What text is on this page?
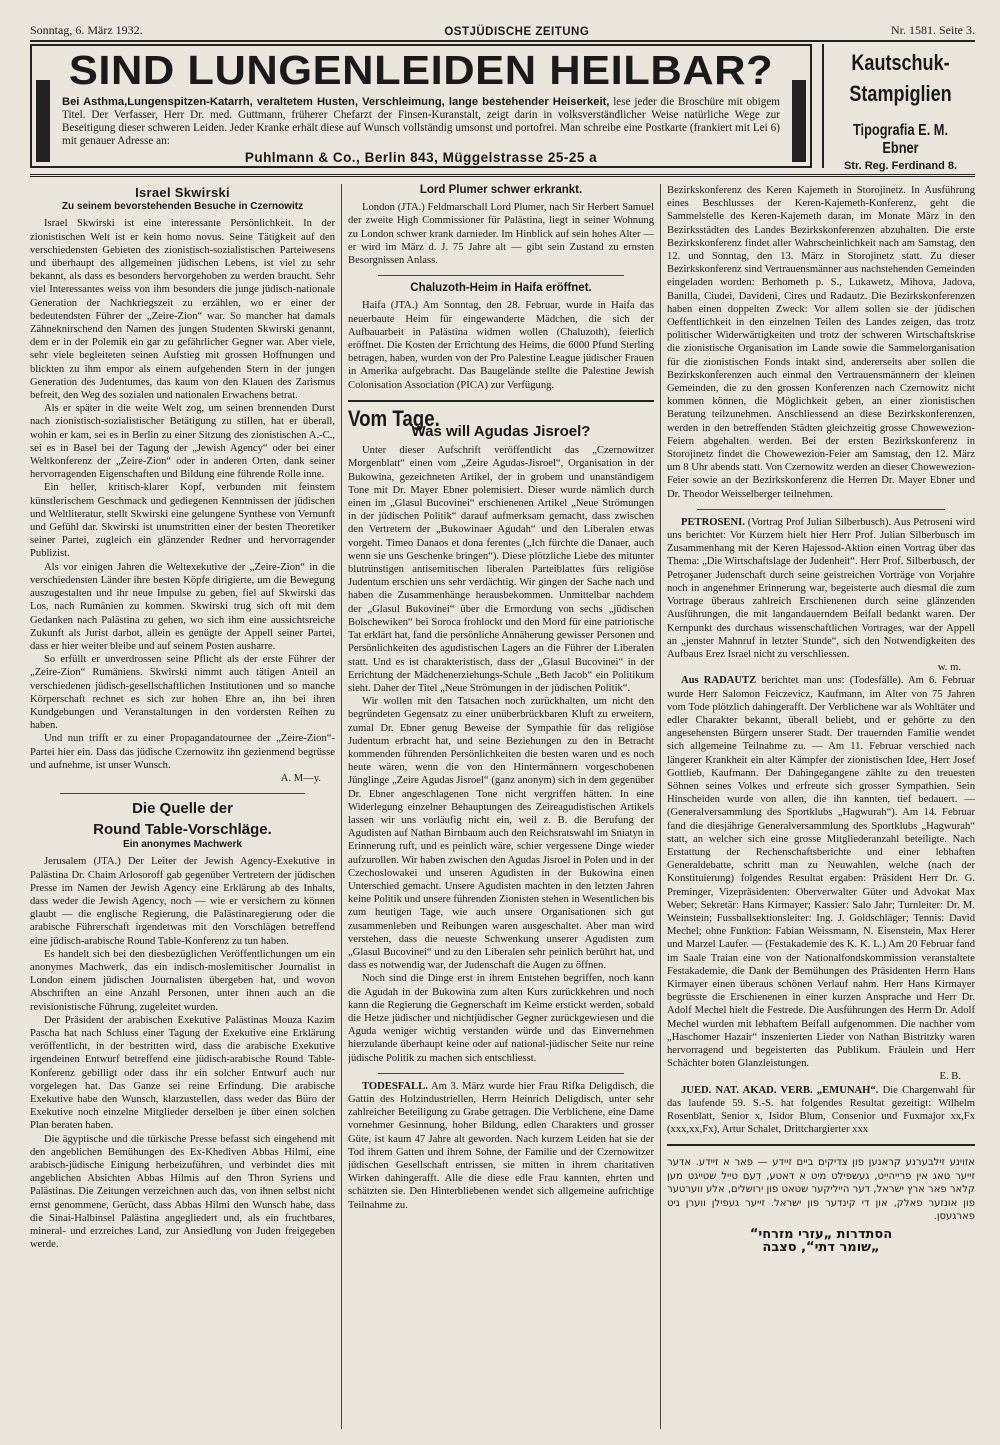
Sonntag, 6. März 1932.	OSTJÜDISCHE ZEITUNG	Nr. 1581. Seite 3.
SIND LUNGENLEIDEN HEILBAR?
Bei Asthma,Lungenspitzen-Katarrh, veraltetem Husten, Verschleimung, lange bestehender Heiserkeit, lese jeder die Broschüre mit obigem Titel. Der Verfasser, Herr Dr. med. Guttmann, früherer Chefarzt der Finsen-Kuranstalt, zeigt darin in volksverständlicher Weise natürliche Wege zur Beseitigung dieser schweren Leiden. Jeder Kranke erhält diese auf Wunsch vollständig umsonst und portofrei. Man schreibe eine Postkarte (frankiert mit Lei 6) mit genauer Adresse an:
Puhlmann & Co., Berlin 843, Müggelstrasse 25-25 a
Kautschuk-
Stampiglien
Tipografia E. M. Ebner
Str. Reg. Ferdinand 8.
Israel Skwirski
Zu seinem bevorstehenden Besuche in Czernowitz

Israel Skwirski ist eine interessante Persönlichkeit. In der zionistischen Welt ist er kein homo novus. Seine Tätigkeit auf den verschiedensten Gebieten des zionistisch-sozialistischen Parteiwesens und überhaupt des allgemeinen jüdischen Lebens, ist viel zu sehr bekannt, als dass es besonders hervorgehoben zu werden braucht. Sehr viel Interessantes weiss von ihm besonders die junge jüdisch-nationale Generation der Nachkriegszeit zu erzählen, wo er einer der bedeutendsten Führer der „Zeire-Zion“ war. So mancher hat damals Zähneknirschend den Namen des jungen Studenten Skwirski genannt, dem er in der Polemik ein gar zu gefährlicher Gegner war. Aber viele, sehr viele begleiteten seinen Aufstieg mit grossen Hoffnungen und blickten zu ihm empor als einem aufgehenden Stern in der jungen Generation des Judentumes, das kaum von den Klauen des Zarismus befreit, den Weg des sozialen und nationalen Erwachens betrat.

Als er später in die weite Welt zog, um seinen brennenden Durst nach zionistisch-sozialistischer Betätigung zu stillen, hat er überall, wohin er kam, sei es in Berlin zu einer Sitzung des zionistischen A.-C., sei es in Basel bei der Tagung der „Jewish Agency“ oder bei einer Weltkonferenz der „Zeire-Zion“ oder in anderen Orten, dank seiner hervorragenden Eigenschaften und Bildung eine führende Rolle inne.

Ein heller, kritisch-klarer Kopf, verbunden mit feinstem künstlerischem Geschmack und gediegenen Kenntnissen der jüdischen und Weltliteratur, stellt Skwirski eine gelungene Synthese von Vernunft und Gefühl dar. Skwirski ist unumstritten einer der besten Theoretiker seiner Partei, zugleich ein glänzender Redner und hervorragender Publizist.

Als vor einigen Jahren die Weltexekutive der „Zeire-Zion“ in die verschiedensten Länder ihre besten Köpfe dirigierte, um die Bewegung auszugestalten und ihr neue Impulse zu geben, fiel auf Skwirski das Los, nach Rumänien zu kommen. Skwirski trug sich oft mit dem Gedanken nach Palästina zu gehen, wo sich ihm eine aussichtsreiche Zukunft als Jurist darbot, allein es genügte der Appell seiner Partei, dass er hier weiter bleibe und auf seinem Posten ausharre.

So erfüllt er unverdrossen seine Pflicht als der erste Führer der „Zeire-Zion“ Rumäniens. Skwirski nimmt auch tätigen Anteil an verschiedenen jüdisch-gesellschaftlichen Institutionen und so manche Körperschaft rechnet es sich zur hohen Ehre an, ihn bei ihren Kundgebungen und Veranstaltungen in den vordersten Reihen zu haben.

Und nun trifft er zu einer Propagandatournee der „Zeire-Zion“-Partei hier ein. Dass das jüdische Czernowitz ihn gezienmend begrüsse und aufnehme, ist unser Wunsch.

A. M—y.
Die Quelle der
Round Table-Vorschläge.
Ein anonymes Machwerk

Jerusalem (JTA.) Der Leiter der Jewish Agency-Exekutive in Palästina Dr. Chaim Arlosoroff gab gegenüber Vertretern der jüdischen Presse im Namen der Jewish Agency eine Erklärung ab des Inhalts, dass weder die Jewish Agency, noch — wie er versichern zu können glaubt — die englische Regierung, die Palästinaregierung oder die arabische Führerschaft irgendetwas mit den Vorschlägen betreffend eine jüdisch-arabische Round Table-Konferenz zu tun haben.

Es handelt sich bei den diesbezüglichen Veröffentlichungen um ein anonymes Machwerk, das ein indisch-moslemitischer Journalist in London einem jüdischen Journalisten übergeben hat, und wovon Abschriften an eine Anzahl Personen, unter ihnen auch an die revisionistische Führung, zugeleitet wurden.

Der Präsident der arabischen Exekutive Palästinas Mouza Kazim Pascha hat nach Schluss einer Tagung der Exekutive eine Erklärung veröffentlicht, in der bestritten wird, dass die arabische Exekutive irgendeinen Entwurf betreffend eine jüdisch-arabische Round Table-Konferenz gebilligt oder dass ihr ein solcher Entwurf auch nur vorgelegen hat. Das Ganze sei reine Erfindung. Die arabische Exekutive habe den Wunsch, klarzustellen, dass weder das Büro der Exekutive noch einzelne Mitglieder derselben je über einen solchen Plan beraten haben.

Die ägyptische und die türkische Presse befasst sich eingehend mit den angeblichen Bemühungen des Ex-Khediven Abbas Hilmi, eine arabisch-jüdische Einigung herbeizuführen, und verbindet dies mit angeblichen Absichten Abbas Hilmis auf den Thron Syriens und Palästinas. Die Zeitungen verzeichnen auch das, von ihnen selbst nicht ernst genommene, Gerücht, dass Abbas Hilmi den Wunsch habe, dass die Sinai-Halbinsel Palästina angegliedert und, als ein fruchtbares, mineral- und erzreiches Land, zur Ansiedlung von Juden freigegeben werde.

Lord Plumer schwer erkrankt.

London (JTA.) Feldmarschall Lord Plumer, nach Sir Herbert Samuel der zweite High Commissioner für Palästina, liegt in seiner Wohnung zu London schwer krank darnieder. Im Hinblick auf sein hohes Alter — er wird im März d. J. 75 Jahre alt — gibt sein Zustand zu ernsten Besorgnissen Anlass.

Chaluzoth-Heim in Haifa eröffnet.

Haifa (JTA.) Am Sonntag, den 28. Februar, wurde in Haifa das neuerbaute Heim für eingewanderte Mädchen, die sich der Aufbauarbeit in Palästina widmen wollen (Chaluzoth), feierlich eröffnet. Die Kosten der Errichtung des Heims, die 6000 Pfund Sterling betragen, haben, wurden von der Pro Palestine League jüdischer Frauen in Amerika aufgebracht. Das Baugelände stellte die Palestine Jewish Colonisation Association (PICA) zur Verfügung.

Vom Tage.
Was will Agudas Jisroel?

Unter dieser Aufschrift veröffentlicht das „Czernowitzer Morgenblatt“ einen vom „Zeire Agudas-Jisroel“, Organisation in der Bukowina, gezeichneten Artikel, der in grobem und unanständigem Tone mit Dr. Mayer Ebner polemisiert. Dieser wurde nämlich durch einen im „Glasul Bucovinei“ erschienenen Artikel „Neue Strömungen in der jüdischen Politik“ darauf aufmerksam gemacht, dass zwischen den Vertretern der „Bukowinaer Agudah“ und den Liberalen etwas vorgeht. Timeo Danaos et dona ferentes („Ich fürchte die Danaer, auch wenn sie uns Geschenke bringen“). Diese plötzliche Liebe des mitunter blutrünstigen antisemitischen liberalen Parteiblattes fürs religiöse Judentum erschien uns sehr verdächtig. Wir gingen der Sache nach und haben die Zusammenhänge herausbekommen. Unmittelbar nachdem der „Glasul Bukovinei“ über die Ermordung von sechs „jüdischen Bolschewiken“ bei Soroca frohlockt und den Mord für eine patriotische Tat erklärt hat, fand die persönliche Annäherung gewisser Personen und Persönlichkeiten des agudistischen Lagers an die Führer der Liberalen statt. Und es ist charakteristisch, dass der „Glasul Bucovinei“ in der Errichtung der Mädchenerziehungs-Schule „Beth Jacob“ ein Politikum sieht. Daher der Titel „Neue Strömungen in der jüdischen Politik“.

Wir wollen mit den Tatsachen noch zurückhalten, um nicht den begründeten Gegensatz zu einer unüberbrückbaren Kluft zu erweitern, zumal Dr. Ebner genug Beweise der Sympathie für das religiöse Judentum erbracht hat, und seine Beziehungen zu den in Betracht kommenden führenden Persönlichkeiten die besten waren und es noch heute wären, wenn die von den Hintermännern vorgeschobenen Jünglinge „Zeire Agudas Jisroel“ (ganz anonym) sich in dem gegenüber Dr. Ebner angeschlagenen Tone nicht vergriffen hätten. In eine Widerlegung einzelner Behauptungen des Zeireagudistischen Artikels lassen wir uns vorläufig nicht ein, weil z. B. die Berufung der Agudisten auf Nathan Birnbaum auch den Reichsratswahl im Sniatyn in Erinnerung ruft, und es peinlich wäre, schier vergessene Dinge wieder aufzurollen. Wir haben zwischen den Agudas Jisroel in Polen und in der Czechoslowakei und unseren Agudisten in der Bukowina einen Unterschied gemacht. Unsere Agudisten machten in den letzten Jahren keine Politik und unsere führenden Zionisten stehen in Wesentlichen bis zum heutigen Tage, wie auch unsere Organisationen sich gut zusammenleben und Reibungen waren ausgeschaltet. Aber man wird verstehen, dass die neueste Schwenkung unserer Agudisten zum „Glasul Bucovinei“ und zu den Liberalen sehr peinlich berührt hat, und dass es notwendig war, der Judenschaft die Augen zu öffnen.

Noch sind die Dinge erst in ihrem Entstehen begriffen, noch kann die Agudah in der Bukowina zum alten Kurs zurückkehren und noch kann die Regierung die Gegnerschaft im Keime erstickt werden, sobald die Hetze jüdischer und nichtjüdischer Gegner zurückgewiesen und die Aguda weniger wichtig verstanden würde und das Einvernehmen hierzulande überhaupt keine oder auf national-jüdischer Seite nur reine jüdische Politik zu machen sich entschliesst.

TODESFALL. Am 3. März wurde hier Frau Rifka Deligdisch, die Gattin des Holzindustriellen, Herrn Heinrich Deligdisch, unter sehr zahlreicher Beteiligung zu Grabe getragen. Die Verblichene, eine Dame vornehmer Gesinnung, hoher Bildung, edlen Charakters und grosser Güte, ist kaum 47 Jahre alt geworden. Nach kurzem Leiden hat sie der Tod ihrem Gatten und ihrem Sohne, der Familie und der Czernowitzer jüdischen Gesellschaft entrissen, sie mitten in ihrem charitativen Wirken dahingerafft. Alle die diese edle Frau kannten, ehrten und schätzten sie. Den Hinterbliebenen wendet sich allgemeine aufrichtige Teilnahme zu.

Bezirkskonferenz des Keren Kajemeth in Storojinetz. In Ausführung eines Beschlusses der Keren-Kajemeth-Konferenz, geht die Sammelstelle des Keren-Kajemeth daran, im Monate März in den Bezirksstädten des Landes Bezirkskonferenzen abzuhalten. Die erste Bezirkskonferenz findet aller Wahrscheinlichkeit nach am Samstag, den 12. und Sonntag, den 13. März in Storojinetz statt. Zu dieser Bezirkskonferenz sind Vertrauensmänner aus nachstehenden Gemeinden eingeladen worden: Berhometh p. S., Lukawetz, Mihova, Jadova, Banilla, Ciudei, Davideni, Cires und Radautz. Die Bezirkskonferenzen haben einen doppelten Zweck: Vor allem sollen sie der jüdischen Oeffentlichkeit in den einzelnen Teilen des Landes zeigen, das trotz politischer Widerwärtigkeiten und trotz der schweren Wirtschaftskrise die zionistische Organisation im Lande sowie die Sammelorganisation für die zionistischen Fonds intakt sind, andererseits aber sollen die Bezirkskonferenzen auch einmal den Vertrauensmännern der kleinen Gemeinden, die zu den grossen Konferenzen nach Czernowitz nicht kommen können, die Möglichkeit geben, an einer zionistischen Beratung teilzunehmen. Anschliessend an diese Bezirkskonferenzen, werden in den betreffenden Städten gleichzeitig grosse Chowewezion-Feiern abgehalten werden. Bei der ersten Bezirkskonferenz in Storojinetz findet die Chowewezion-Feier am Samstag, den 12. März um 8 Uhr abends statt. Von Czernowitz werden an dieser Chowewezion-Feier sowie an der Bezirkskonferenz die Herren Dr. Mayer Ebner und Dr. Theodor Weisselberger teilnehmen.

PETROSENI. (Vortrag Prof Julian Silberbusch). Aus Petroseni wird uns berichtet: Vor Kurzem hielt hier Herr Prof. Julian Silberbusch im Zusammenhang mit der Keren Hajessod-Aktion einen Vortrag über das Thema: „Die Wirtschaftslage der Judenheit“. Herr Prof. Silberbusch, der Petroşaner Judenschaft durch seine geistreichen Vorträge von Vorjahre noch in angenehmer Erinnerung war, begeisterte auch diesmal die zum Vortrage überaus zahlreich Erschienenen durch seine glänzenden Ausführungen, die mit langandauerndem Beifall bedankt waren. Der Kernpunkt des durchaus wissenschaftlichen Vortrages, war der Appell an „jenster Mahnruf in letzter Stunde“, sich den Notwendigkeiten des Aufbaus Erez Israel nicht zu verschliessen.

w. m.

Aus RADAUTZ berichtet man uns: (Todesfälle). Am 6. Februar wurde Herr Salomon Feiczevicz, Kaufmann, im Alter von 75 Jahren vom Tode plötzlich dahingerafft. Der Verblichene war als Wohltäter und edler Charakter bekannt, überall beliebt, und er gehörte zu den angesehensten Bürgern unserer Stadt. Der trauernden Familie wendet sich allgemeine Teilnahme zu. — Am 11. Februar verschied nach längerer Krankheit ein alter Kämpfer der zionistischen Idee, Herr Josef Gottlieb, Kaufmann. Der Dahingegangene zählte zu den treuesten Söhnen seines Volkes und erfreute sich grosser Sympathien. Sein Hinscheiden wurde von allen, die ihn kannten, tief bedauert. — (Generalversammlung des Sportklubs „Hagwurah“). Am 14. Februar fand die diesjährige Generalversammlung des Sportklubs „Hagwurah“ statt, an welcher sich eine grosse Mitgliederanzahl beteiligte. Nach Erstattung der Rechenschaftsberichte und einer lebhaften Generaldebatte, schritt man zu Neuwahlen, welche (nach der Konstituierung) folgendes Resultat ergaben: Präsident Herr Dr. G. Preminger, Vizepräsidenten: Oberverwalter Güter und Advokat Max Weber; Sekretär: Hans Kirmayer; Kassier: Salo Jahr; Turnleiter: Dr. M. Weinstein; Fussballsektionsleiter: Ing. J. Goldschläger; Tennis: David Mechel; ohne Funktion: Fabian Weissmann, N. Eisenstein, Max Herer und Marzel Laufer. — (Festakademie des K. K. L.) Am 20 Februar fand im Saale Traian eine von der Nationalfondskommission veranstaltete Festakademie, die Dank der Bemühungen des Präsidenten Herrn Hans Kirmayer einen überaus schönen Verlauf nahm. Herr Hans Kirmayer begrüsste die Erschienenen in einer kurzen Ansprache und Herr Dr. Adolf Mechel hielt die Festrede. Die Ausführungen des Herrn Dr. Adolf Mechel wurden mit lebhaftem Beifall aufgenommen. Die nachher vom „Haschomer Hazair“ inszenierten Lieder von Nathan Bistritzky waren hervorragend und begeisterten das Publikum. Fräulein und Herr Schächter boten Glanzleistungen.

E. B.

JUED. NAT. AKAD. VERB. „EMUNAH“. Die Chargenwahl für das laufende 59. S.-S. hat folgendes Resultat gezeitigt: Wilhelm Rosenblatt, Senior x, Isidor Blum, Consenior und Fuxmajor xx,Fx (xxx,xx,Fx), Artur Schalet, Drittchargierter xxx

אזוינע זילבערנע קראנען פון צדיקים ביים זיידע — פאר א זיידע. אדער זייער טאג אין פרייהייט, געשפילט מיט א דאטע, דעם טייל שטייגט מען קלאר פאר ארץ ישראל, דער הייליקער שטאט פון ירושלים, אלע ווערטער פון אונזער פאלק, און די קינדער פון ישראל. זייער געפילן ווערן ניט פארגעסן.
הסתדרות „עזרי מזרחי“
„שומר דתי“, סצבה
